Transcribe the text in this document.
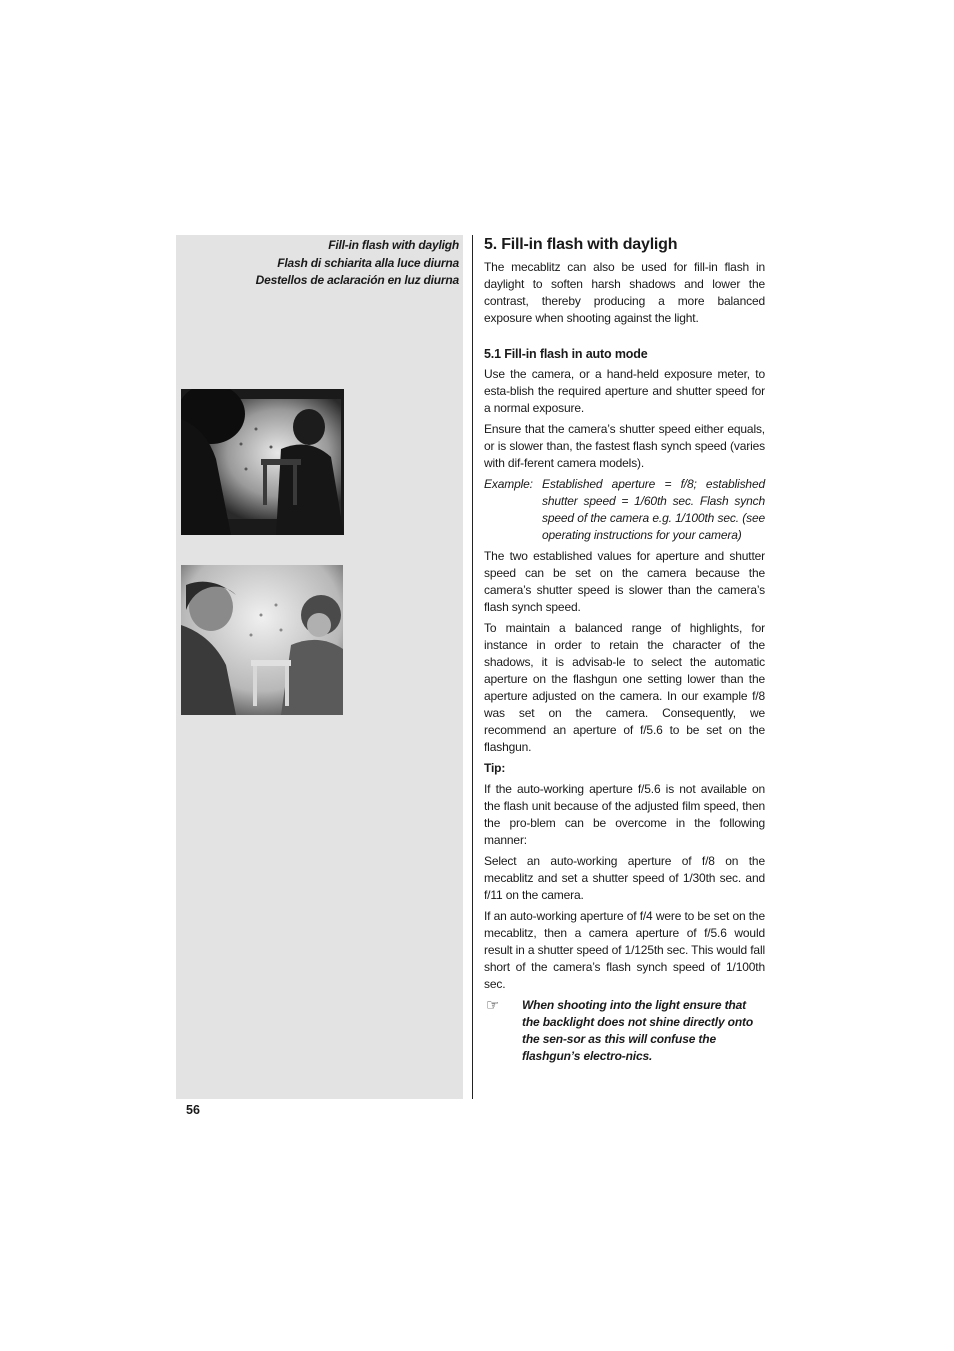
Fill-in flash with dayligh
Flash di schiarita alla luce diurna
Destellos de aclaración en luz diurna
56
5. Fill-in flash with dayligh

The mecablitz can also be used for fill-in flash in daylight to soften harsh shadows and lower the contrast, thereby producing a more balanced exposure when shooting against the light.

5.1 Fill-in flash in auto mode

Use the camera, or a hand-held exposure meter, to esta-blish the required aperture and shutter speed for a normal exposure.

Ensure that the camera’s shutter speed either equals, or is slower than, the fastest flash synch speed (varies with dif-ferent camera models).

Example: Established aperture = f/8; established shutter speed = 1/60th sec. Flash synch speed of the camera e.g. 1/100th sec. (see operating instructions for your camera)

The two established values for aperture and shutter speed can be set on the camera because the camera’s shutter speed is slower than the camera’s flash synch speed.

To maintain a balanced range of highlights, for instance in order to retain the character of the shadows, it is advisab-le to select the automatic aperture on the flashgun one setting lower than the aperture adjusted on the camera. In our example f/8 was set on the camera. Consequently, we recommend an aperture of f/5.6 to be set on the flashgun.

Tip:

If the auto-working aperture f/5.6 is not available on the flash unit because of the adjusted film speed, then the pro-blem can be overcome in the following manner:

Select an auto-working aperture of f/8 on the mecablitz and set a shutter speed of 1/30th sec. and f/11 on the camera.

If an auto-working aperture of f/4 were to be set on the mecablitz, then a camera aperture of f/5.6 would result in a shutter speed of 1/125th sec. This would fall short of the camera’s flash synch speed of 1/100th sec.

☞	When shooting into the light ensure that the backlight does not shine directly onto the sen-sor as this will confuse the flashgun’s electro-nics.
